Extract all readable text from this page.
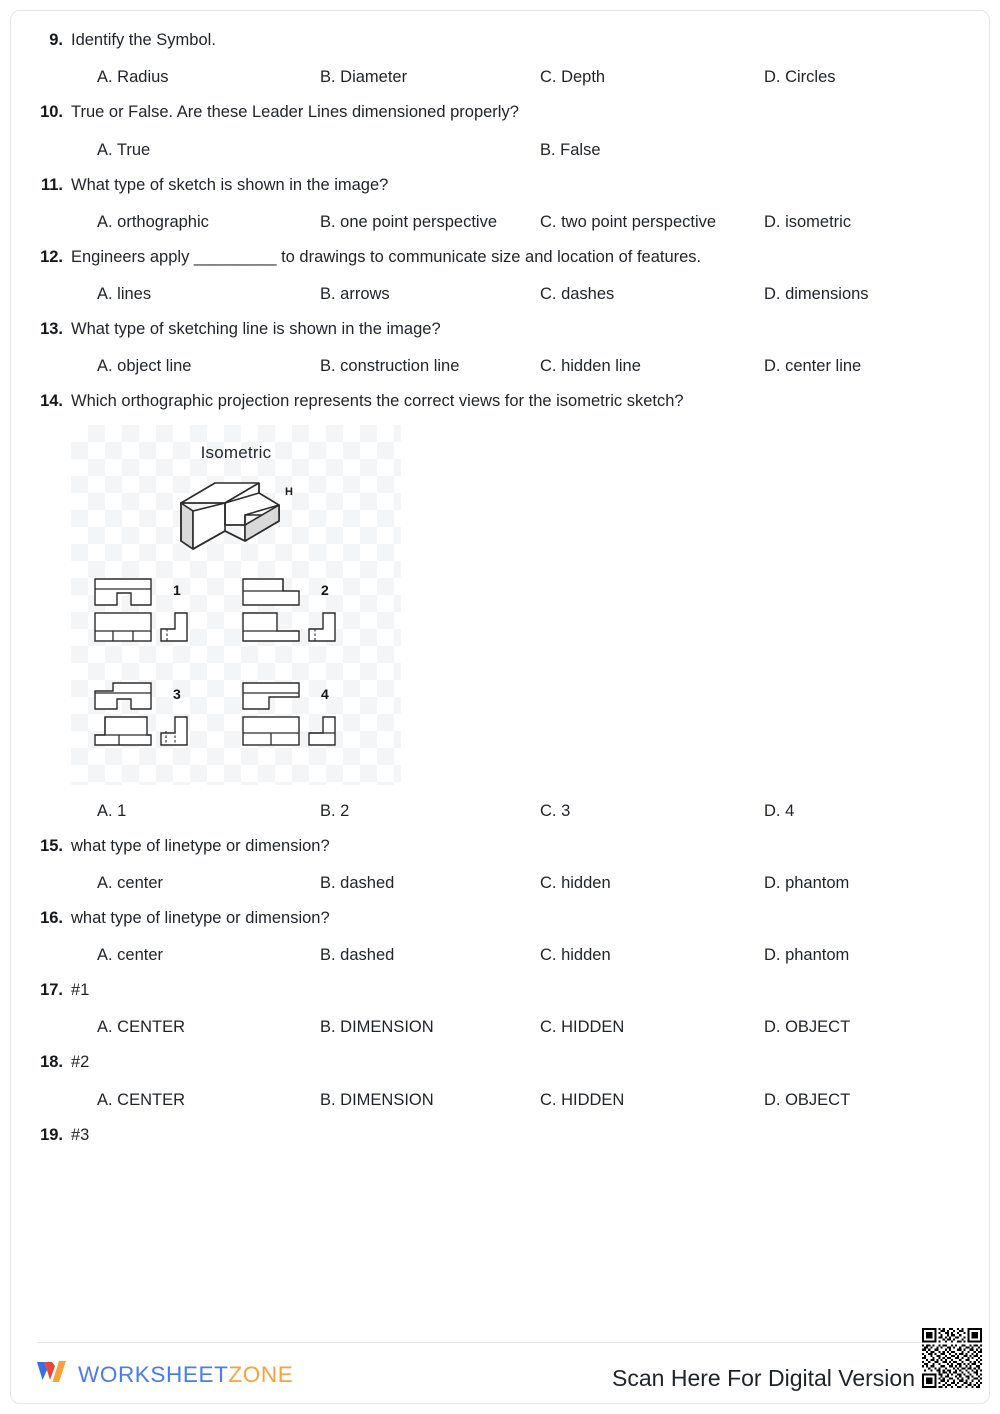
9. Identify the Symbol.
A. Radius	B. Diameter	C. Depth	D. Circles
10. True or False. Are these Leader Lines dimensioned properly?
A. True	B. False
11. What type of sketch is shown in the image?
A. orthographic	B. one point perspective	C. two point perspective	D. isometric
12. Engineers apply _________ to drawings to communicate size and location of features.
A. lines	B. arrows	C. dashes	D. dimensions
13. What type of sketching line is shown in the image?
A. object line	B. construction line	C. hidden line	D. center line
14. Which orthographic projection represents the correct views for the isometric sketch?
Isometric
H
1	2
3	4
A. 1	B. 2	C. 3	D. 4
15. what type of linetype or dimension?
A. center	B. dashed	C. hidden	D. phantom
16. what type of linetype or dimension?
A. center	B. dashed	C. hidden	D. phantom
17. #1
A. CENTER	B. DIMENSION	C. HIDDEN	D. OBJECT
18. #2
A. CENTER	B. DIMENSION	C. HIDDEN	D. OBJECT
19. #3
WORKSHEETZONE	Scan Here For Digital Version
